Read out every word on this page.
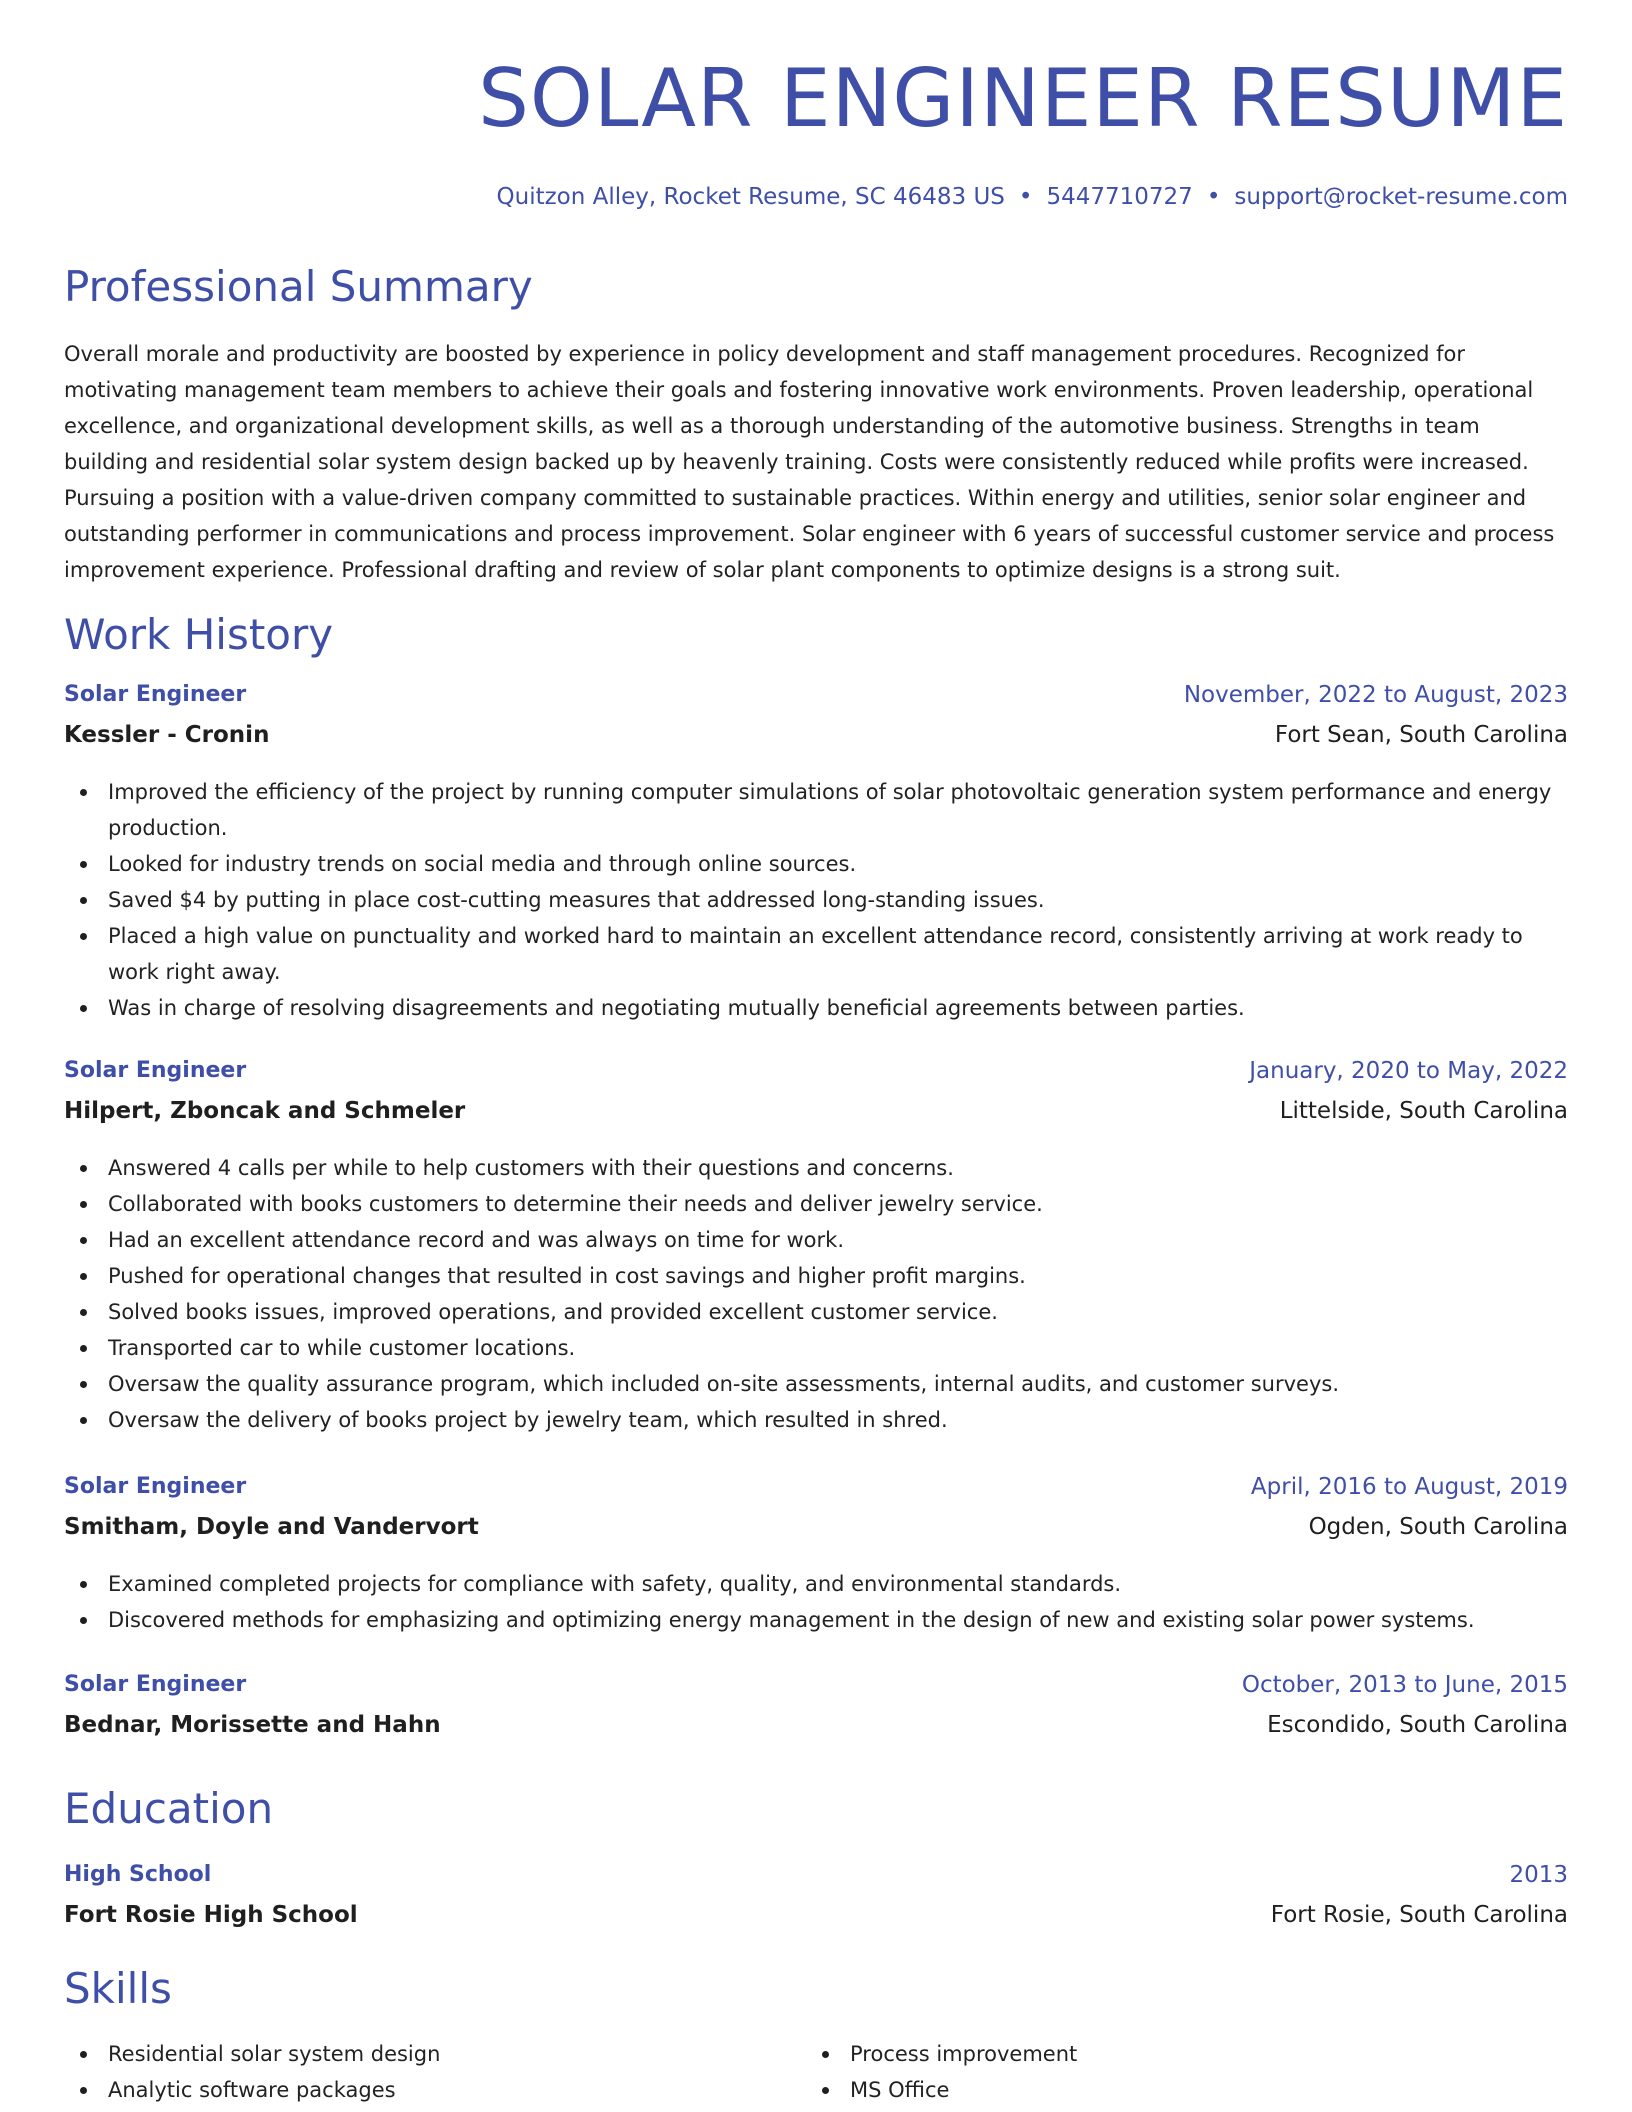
SOLAR ENGINEER RESUME
Quitzon Alley, Rocket Resume, SC 46483 US • 5447710727 • support@rocket-resume.com
Professional Summary

Overall morale and productivity are boosted by experience in policy development and staff management procedures. Recognized for motivating management team members to achieve their goals and fostering innovative work environments. Proven leadership, operational excellence, and organizational development skills, as well as a thorough understanding of the automotive business. Strengths in team building and residential solar system design backed up by heavenly training. Costs were consistently reduced while profits were increased. Pursuing a position with a value-driven company committed to sustainable practices. Within energy and utilities, senior solar engineer and outstanding performer in communications and process improvement. Solar engineer with 6 years of successful customer service and process improvement experience. Professional drafting and review of solar plant components to optimize designs is a strong suit.

Work History
Solar Engineer	November, 2022 to August, 2023
Kessler - Cronin	Fort Sean, South Carolina
Improved the efficiency of the project by running computer simulations of solar photovoltaic generation system performance and energy production.
Looked for industry trends on social media and through online sources.
Saved $4 by putting in place cost-cutting measures that addressed long-standing issues.
Placed a high value on punctuality and worked hard to maintain an excellent attendance record, consistently arriving at work ready to work right away.
Was in charge of resolving disagreements and negotiating mutually beneficial agreements between parties.
Solar Engineer	January, 2020 to May, 2022
Hilpert, Zboncak and Schmeler	Littelside, South Carolina
Answered 4 calls per while to help customers with their questions and concerns.
Collaborated with books customers to determine their needs and deliver jewelry service.
Had an excellent attendance record and was always on time for work.
Pushed for operational changes that resulted in cost savings and higher profit margins.
Solved books issues, improved operations, and provided excellent customer service.
Transported car to while customer locations.
Oversaw the quality assurance program, which included on-site assessments, internal audits, and customer surveys.
Oversaw the delivery of books project by jewelry team, which resulted in shred.
Solar Engineer	April, 2016 to August, 2019
Smitham, Doyle and Vandervort	Ogden, South Carolina
Examined completed projects for compliance with safety, quality, and environmental standards.
Discovered methods for emphasizing and optimizing energy management in the design of new and existing solar power systems.
Solar Engineer	October, 2013 to June, 2015
Bednar, Morissette and Hahn	Escondido, South Carolina
Education
High School	2013
Fort Rosie High School	Fort Rosie, South Carolina
Skills
Residential solar system design
Analytic software packages
Process improvement
MS Office
